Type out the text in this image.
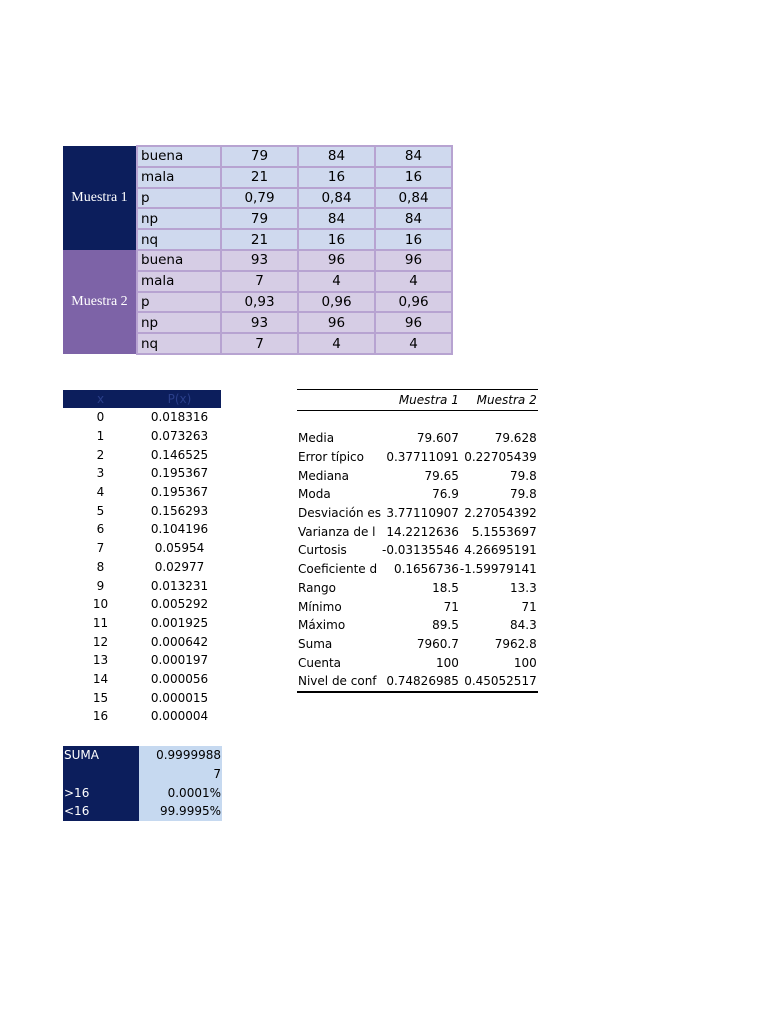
Muestra 1	buena	79	84	84
	mala	21	16	16
	p	0,79	0,84	0,84
	np	79	84	84
	nq	21	16	16
Muestra 2	buena	93	96	96
	mala	7	4	4
	p	0,93	0,96	0,96
	np	93	96	96
	nq	7	4	4
x	P(x)
0	0.018316
1	0.073263
2	0.146525
3	0.195367
4	0.195367
5	0.156293
6	0.104196
7	0.05954
8	0.02977
9	0.013231
10	0.005292
11	0.001925
12	0.000642
13	0.000197
14	0.000056
15	0.000015
16	0.000004
SUMA	0.9999988
	7
>16	0.0001%
<16	99.9995%
	Muestra 1	Muestra 2

Media	79.607	79.628
Error típico	0.37711091	0.22705439
Mediana	79.65	79.8
Moda	76.9	79.8
Desviación es	3.77110907	2.27054392
Varianza de l	14.2212636	5.1553697
Curtosis	-0.03135546	4.26695191
Coeficiente d	0.1656736	-1.59979141
Rango	18.5	13.3
Mínimo	71	71
Máximo	89.5	84.3
Suma	7960.7	7962.8
Cuenta	100	100
Nivel de conf	0.74826985	0.45052517
